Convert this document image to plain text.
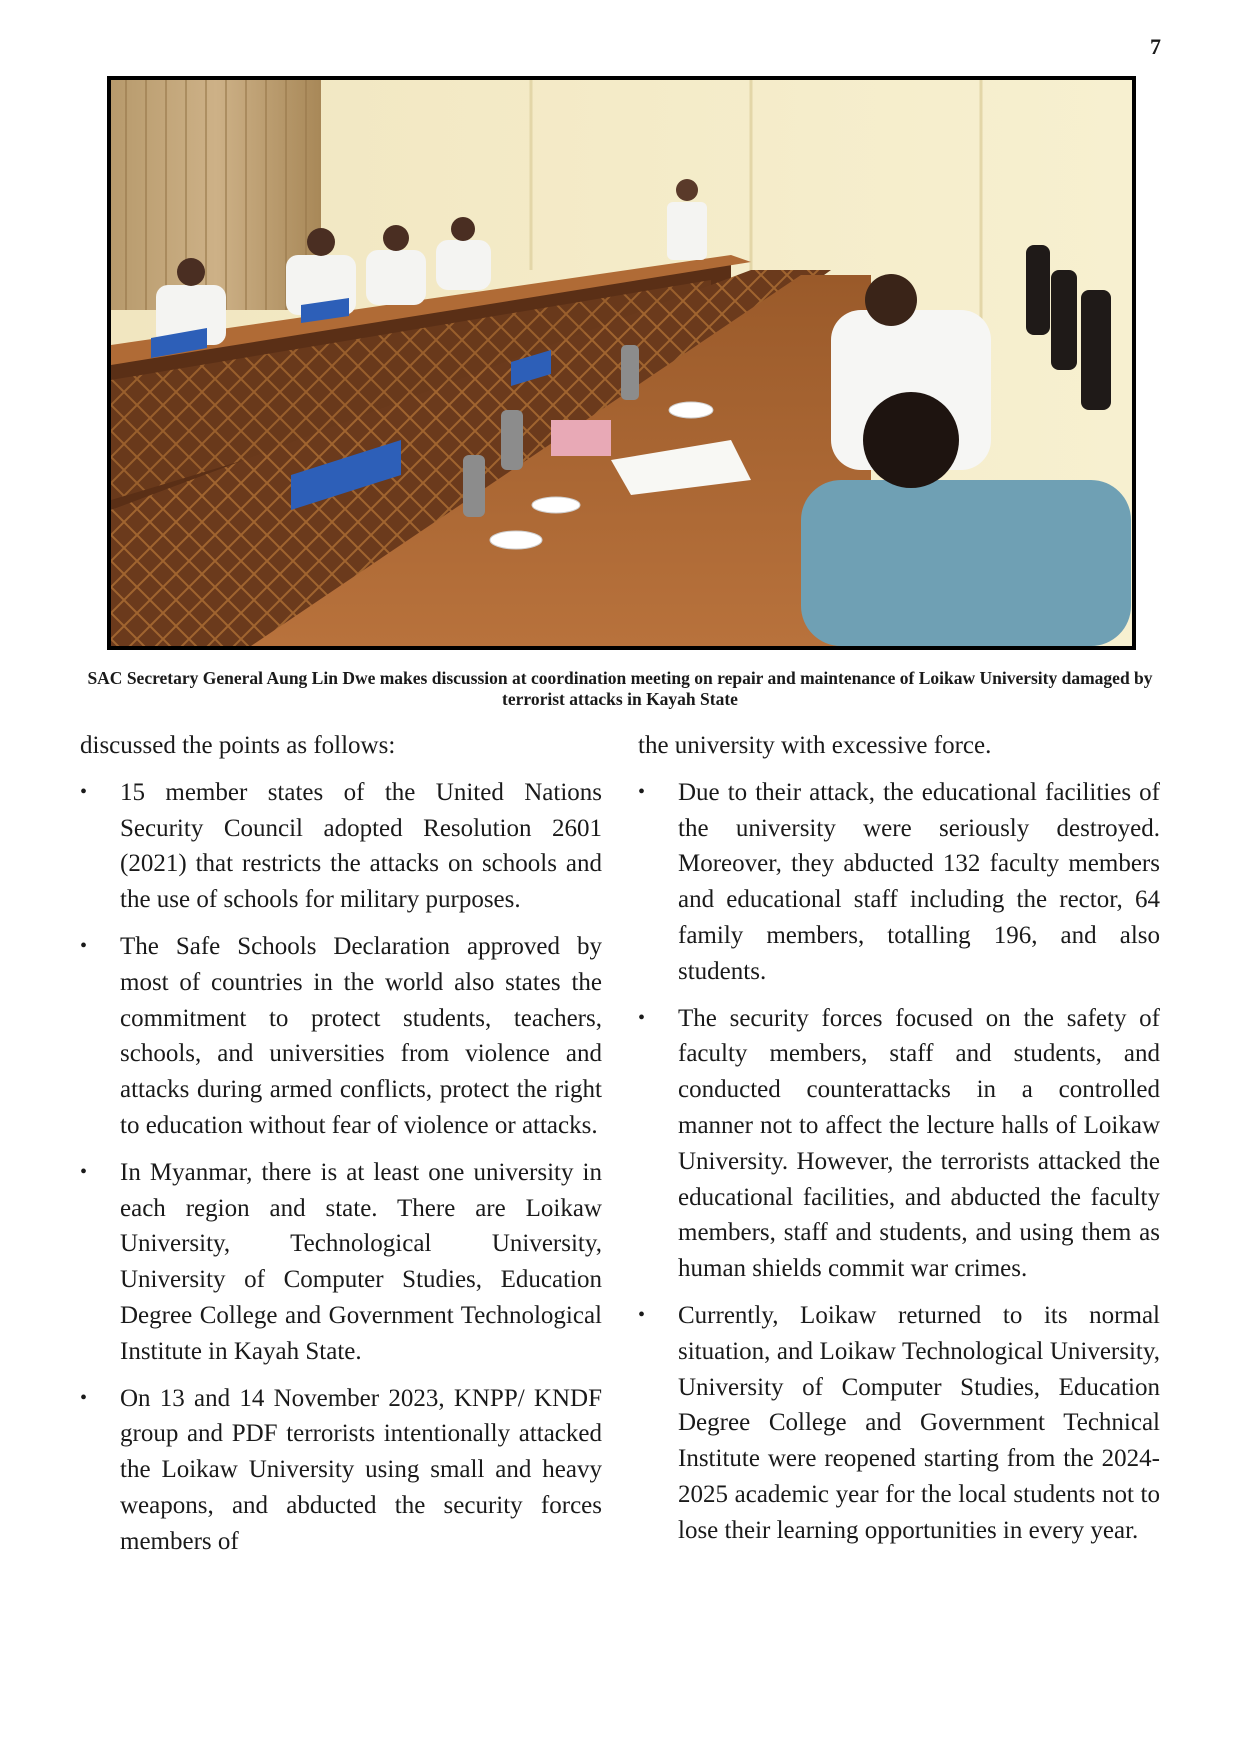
7
SAC Secretary General Aung Lin Dwe makes discussion at coordination meeting on repair and maintenance of Loikaw University damaged by terrorist attacks in Kayah State

discussed the points as follows:

•	15 member states of the United Nations Security Council adopted Resolution 2601 (2021) that restricts the attacks on schools and the use of schools for military purposes.
•	The Safe Schools Declaration approved by most of countries in the world also states the commitment to protect students, teachers, schools, and universities from violence and attacks during armed conflicts, protect the right to education without fear of violence or attacks.
•	In Myanmar, there is at least one university in each region and state. There are Loikaw University, Technological University, University of Computer Studies, Education Degree College and Government Technological Institute in Kayah State.
•	On 13 and 14 November 2023, KNPP/ KNDF group and PDF terrorists intentionally attacked the Loikaw University using small and heavy weapons, and abducted the security forces members of

the university with excessive force.

•	Due to their attack, the educational facilities of the university were seriously destroyed. Moreover, they abducted 132 faculty members and educational staff including the rector, 64 family members, totalling 196, and also students.
•	The security forces focused on the safety of faculty members, staff and students, and conducted counterattacks in a controlled manner not to affect the lecture halls of Loikaw University. However, the terrorists attacked the educational facilities, and abducted the faculty members, staff and students, and using them as human shields commit war crimes.
•	Currently, Loikaw returned to its normal situation, and Loikaw Technological University, University of Computer Studies, Education Degree College and Government Technical Institute were reopened starting from the 2024-2025 academic year for the local students not to lose their learning opportunities in every year.
